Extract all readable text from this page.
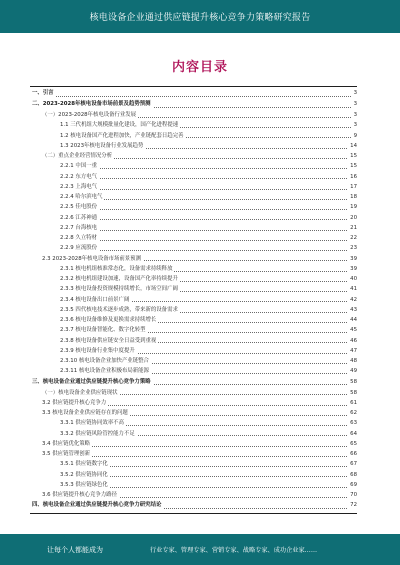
核电设备企业通过供应链提升核心竞争力策略研究报告
内容目录
一、引言	3
二、2023-2028年核电设备市场前景及趋势预测	3
（一）2023-2028年核电设备行业发展	3
1.1 三代机组大规模批量化建设，国产化进程提速	3
1.2 核电设备国产化进程加快，产业链配套日趋完善	9
1.3 2023年核电设备行业发展趋势	14
（二）重点企业经营情况分析	15
2.2.1 中国一重	15
2.2.2 东方电气	16
2.2.3 上海电气	17
2.2.4 哈尔滨电气	18
2.2.5 佳电股份	19
2.2.6 江苏神通	20
2.2.7 台海核电	21
2.2.8 久立特材	22
2.2.9 应流股份	23
2.3 2023-2028年核电设备市场前景预测	39
2.3.1 核电机组核准常态化，设备需求持续释放	39
2.3.2 核电机组建设加速，设备国产化率持续提升	40
2.3.3 核电设备投资规模持续增长，市场空间广阔	41
2.3.4 核电设备出口前景广阔	42
2.3.5 四代核电技术逐步成熟，带来新的设备需求	43
2.3.6 核电设备维修及更换需求持续增长	44
2.3.7 核电设备智能化、数字化转型	45
2.3.8 核电设备供应链安全日益受到重视	46
2.3.9 核电设备行业集中度提升	47
2.3.10 核电设备企业加快产业链整合	48
2.3.11 核电设备企业积极布局新能源	49
三、核电设备企业通过供应链提升核心竞争力策略	58
（一）核电设备企业供应链现状	58
3.2 供应链提升核心竞争力	61
3.3 核电设备企业供应链存在的问题	62
3.3.1 供应链协同效率不高	63
3.3.2 供应链风险管控能力不足	64
3.4 供应链优化策略	65
3.5 供应链管理创新	66
3.5.1 供应链数字化	67
3.5.2 供应链协同化	68
3.5.3 供应链绿色化	69
3.6 供应链提升核心竞争力路径	70
四、核电设备企业通过供应链提升核心竞争力研究结论	72
让每个人都能成为	行业专家、管理专家、营销专家、战略专家、成功企业家……
